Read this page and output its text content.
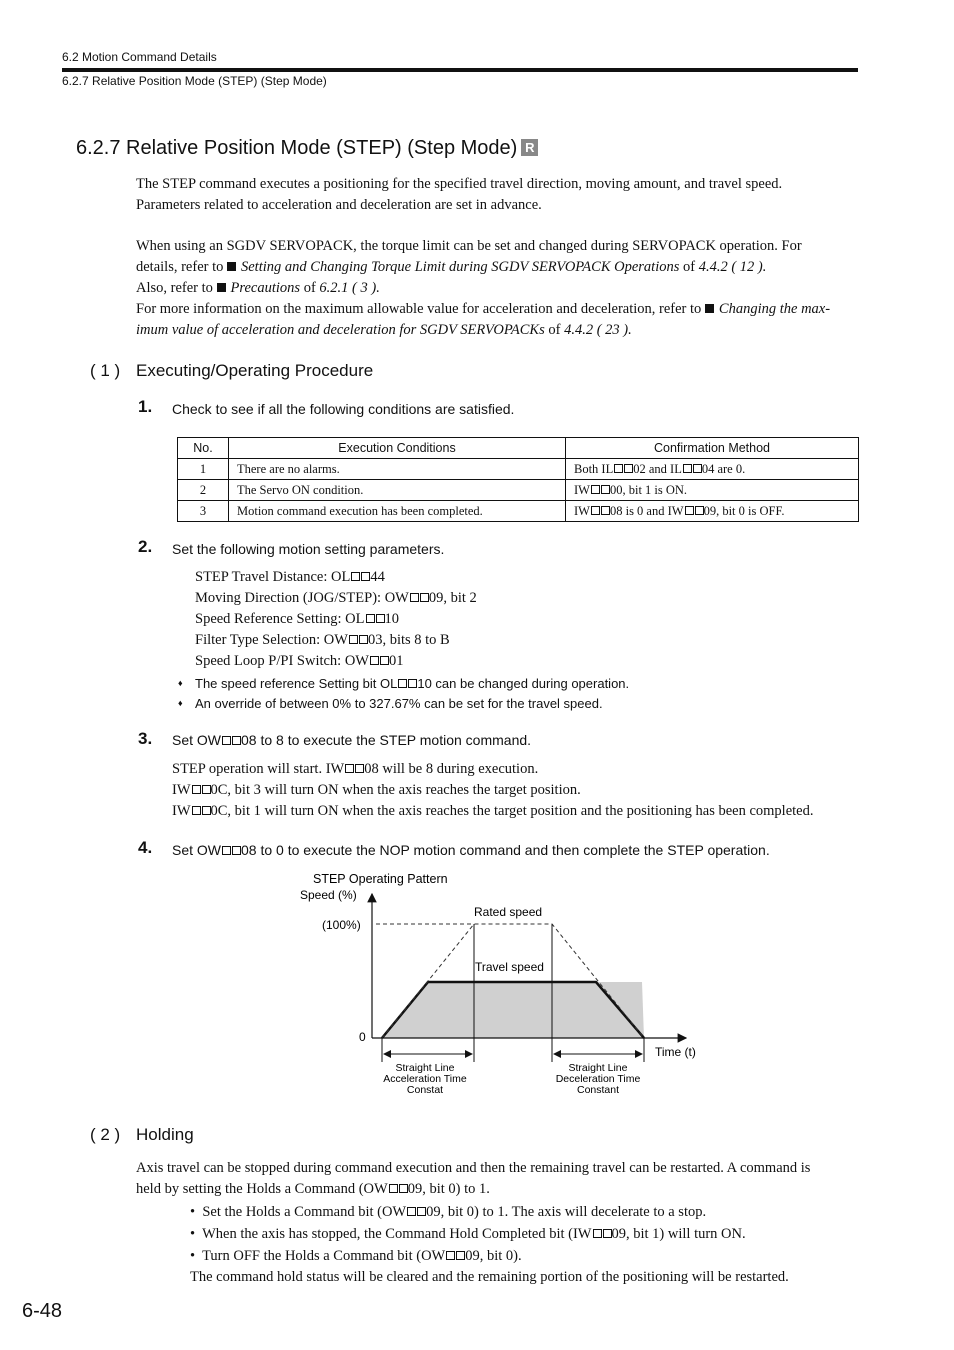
6.2 Motion Command Details
6.2.7 Relative Position Mode (STEP) (Step Mode)
6.2.7 Relative Position Mode (STEP) (Step Mode) R
The STEP command executes a positioning for the specified travel direction, moving amount, and travel speed.
Parameters related to acceleration and deceleration are set in advance.
When using an SGDV SERVOPACK, the torque limit can be set and changed during SERVOPACK operation. For
details, refer to Setting and Changing Torque Limit during SGDV SERVOPACK Operations of 4.4.2 ( 12 ).
Also, refer to Precautions of 6.2.1 ( 3 ).
For more information on the maximum allowable value for acceleration and deceleration, refer to Changing the max-
imum value of acceleration and deceleration for SGDV SERVOPACKs of 4.4.2 ( 23 ).
( 1 ) Executing/Operating Procedure
1. Check to see if all the following conditions are satisfied.
No.	Execution Conditions	Confirmation Method
1	There are no alarms.	Both IL 02 and IL 04 are 0.
2	The Servo ON condition.	IW 00, bit 1 is ON.
3	Motion command execution has been completed.	IW 08 is 0 and IW 09, bit 0 is OFF.
2. Set the following motion setting parameters.
STEP Travel Distance: OL 44
Moving Direction (JOG/STEP): OW 09, bit 2
Speed Reference Setting: OL 10
Filter Type Selection: OW 03, bits 8 to B
Speed Loop P/PI Switch: OW 01
♦ The speed reference Setting bit OL 10 can be changed during operation.
♦ An override of between 0% to 327.67% can be set for the travel speed.
3. Set OW 08 to 8 to execute the STEP motion command.
STEP operation will start. IW 08 will be 8 during execution.
IW 0C, bit 3 will turn ON when the axis reaches the target position.
IW 0C, bit 1 will turn ON when the axis reaches the target position and the positioning has been completed.
4. Set OW 08 to 0 to execute the NOP motion command and then complete the STEP operation.
STEP Operating Pattern
Speed (%)
(100%)
0
Rated speed
Travel speed
Time (t)
Straight Line
Acceleration Time
Constat
Straight Line
Deceleration Time
Constant
( 2 ) Holding
Axis travel can be stopped during command execution and then the remaining travel can be restarted. A command is
held by setting the Holds a Command (OW 09, bit 0) to 1.
• Set the Holds a Command bit (OW 09, bit 0) to 1. The axis will decelerate to a stop.
• When the axis has stopped, the Command Hold Completed bit (IW 09, bit 1) will turn ON.
• Turn OFF the Holds a Command bit (OW 09, bit 0).
The command hold status will be cleared and the remaining portion of the positioning will be restarted.
6-48
